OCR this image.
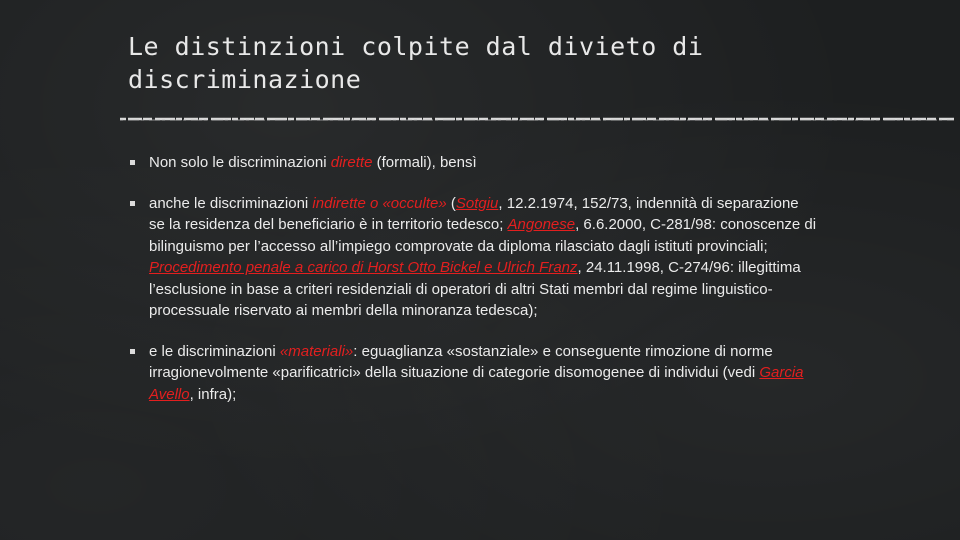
Le distinzioni colpite dal divieto di discriminazione
Non solo le discriminazioni dirette (formali), bensì
anche le discriminazioni indirette o «occulte» (Sotgiu, 12.2.1974, 152/73, indennità di separazione se la residenza del beneficiario è in territorio tedesco; Angonese, 6.6.2000, C-281/98: conoscenze di bilinguismo per l’accesso all’impiego comprovate da diploma rilasciato dagli istituti provinciali; Procedimento penale a carico di Horst Otto Bickel e Ulrich Franz, 24.11.1998, C-274/96: illegittima l’esclusione in base a criteri residenziali di operatori di altri Stati membri dal regime linguistico-processuale riservato ai membri della minoranza tedesca);
e le discriminazioni «materiali»: eguaglianza «sostanziale» e conseguente rimozione di norme irragionevolmente «parificatrici» della situazione di categorie disomogenee di individui (vedi Garcia Avello, infra);
